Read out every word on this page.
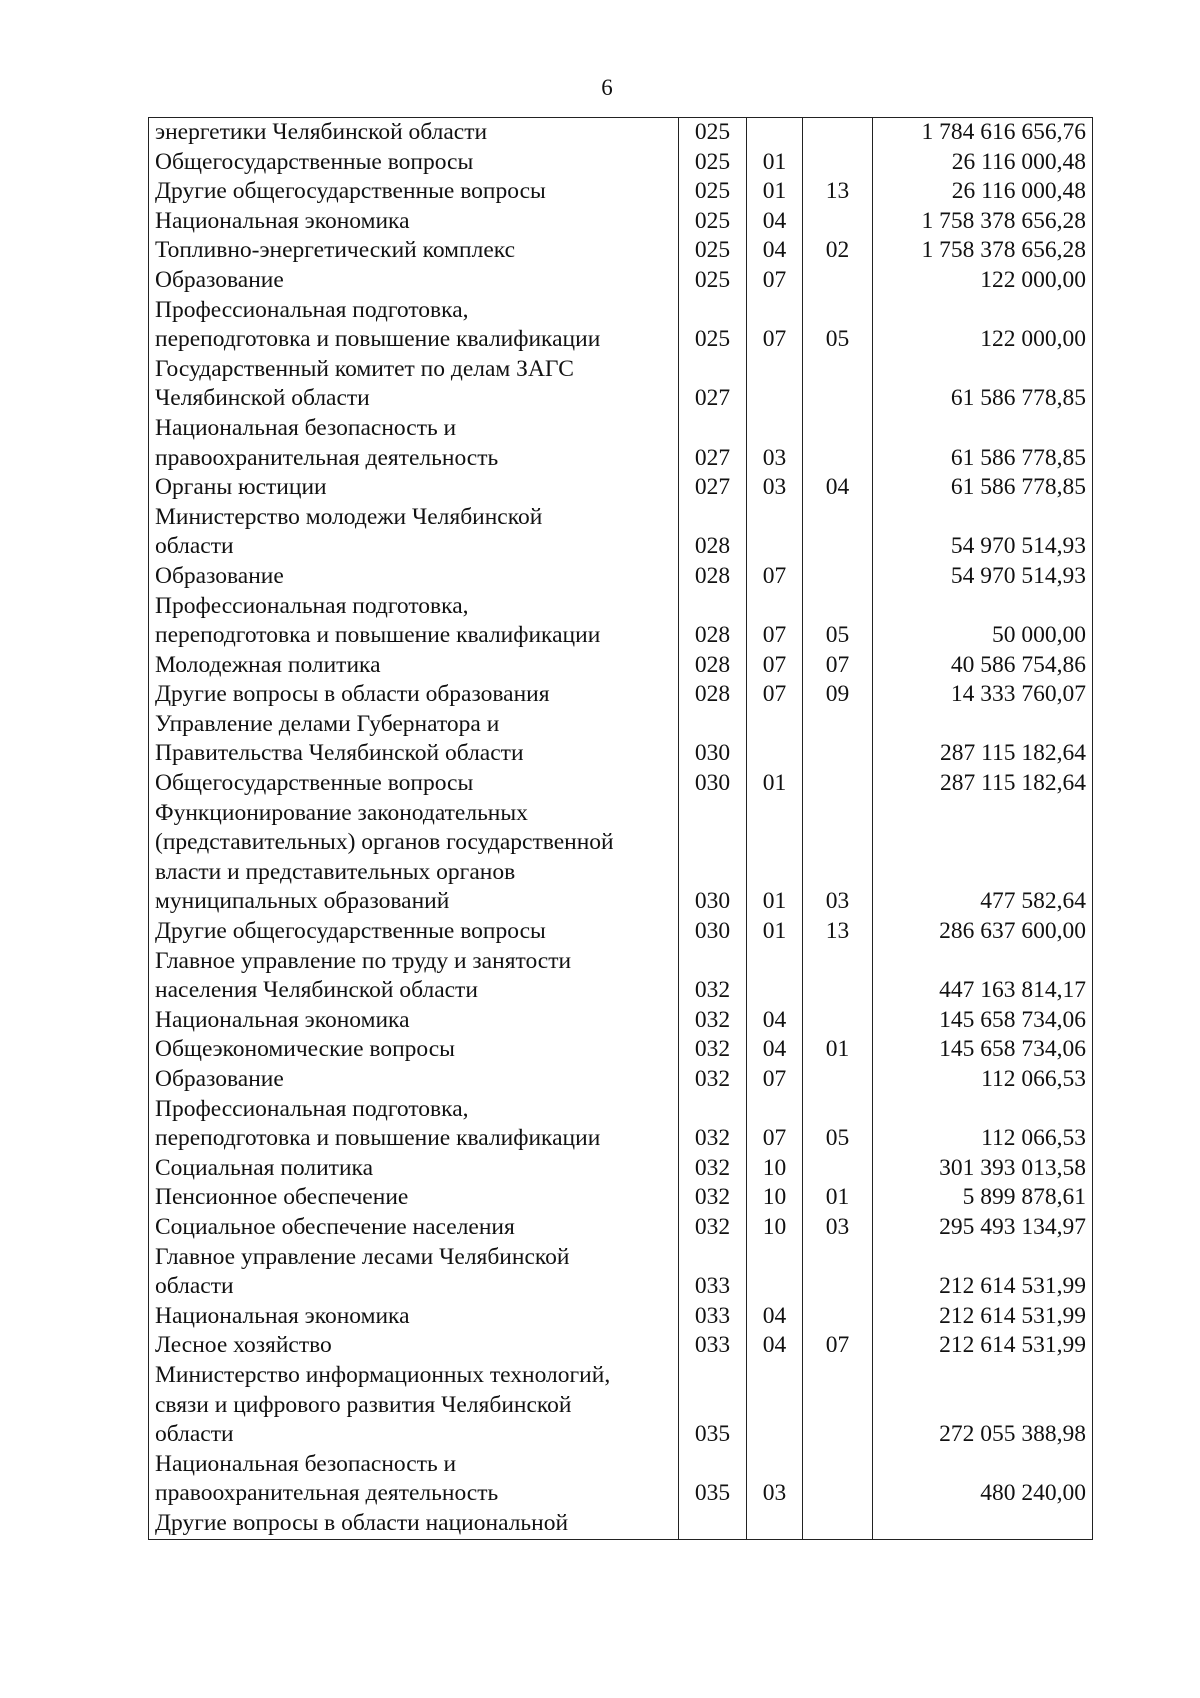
6
энергетики Челябинской области	025			1 784 616 656,76
Общегосударственные вопросы	025	01		26 116 000,48
Другие общегосударственные вопросы	025	01	13	26 116 000,48
Национальная экономика	025	04		1 758 378 656,28
Топливно-энергетический комплекс	025	04	02	1 758 378 656,28
Образование	025	07		122 000,00
Профессиональная подготовка,
переподготовка и повышение квалификации	025	07	05	122 000,00
Государственный комитет по делам ЗАГС
Челябинской области	027			61 586 778,85
Национальная безопасность и
правоохранительная деятельность	027	03		61 586 778,85
Органы юстиции	027	03	04	61 586 778,85
Министерство молодежи Челябинской
области	028			54 970 514,93
Образование	028	07		54 970 514,93
Профессиональная подготовка,
переподготовка и повышение квалификации	028	07	05	50 000,00
Молодежная политика	028	07	07	40 586 754,86
Другие вопросы в области образования	028	07	09	14 333 760,07
Управление делами Губернатора и
Правительства Челябинской области	030			287 115 182,64
Общегосударственные вопросы	030	01		287 115 182,64
Функционирование законодательных
(представительных) органов государственной
власти и представительных органов
муниципальных образований	030	01	03	477 582,64
Другие общегосударственные вопросы	030	01	13	286 637 600,00
Главное управление по труду и занятости
населения Челябинской области	032			447 163 814,17
Национальная экономика	032	04		145 658 734,06
Общеэкономические вопросы	032	04	01	145 658 734,06
Образование	032	07		112 066,53
Профессиональная подготовка,
переподготовка и повышение квалификации	032	07	05	112 066,53
Социальная политика	032	10		301 393 013,58
Пенсионное обеспечение	032	10	01	5 899 878,61
Социальное обеспечение населения	032	10	03	295 493 134,97
Главное управление лесами Челябинской
области	033			212 614 531,99
Национальная экономика	033	04		212 614 531,99
Лесное хозяйство	033	04	07	212 614 531,99
Министерство информационных технологий,
связи и цифрового развития Челябинской
области	035			272 055 388,98
Национальная безопасность и
правоохранительная деятельность	035	03		480 240,00
Другие вопросы в области национальной				
